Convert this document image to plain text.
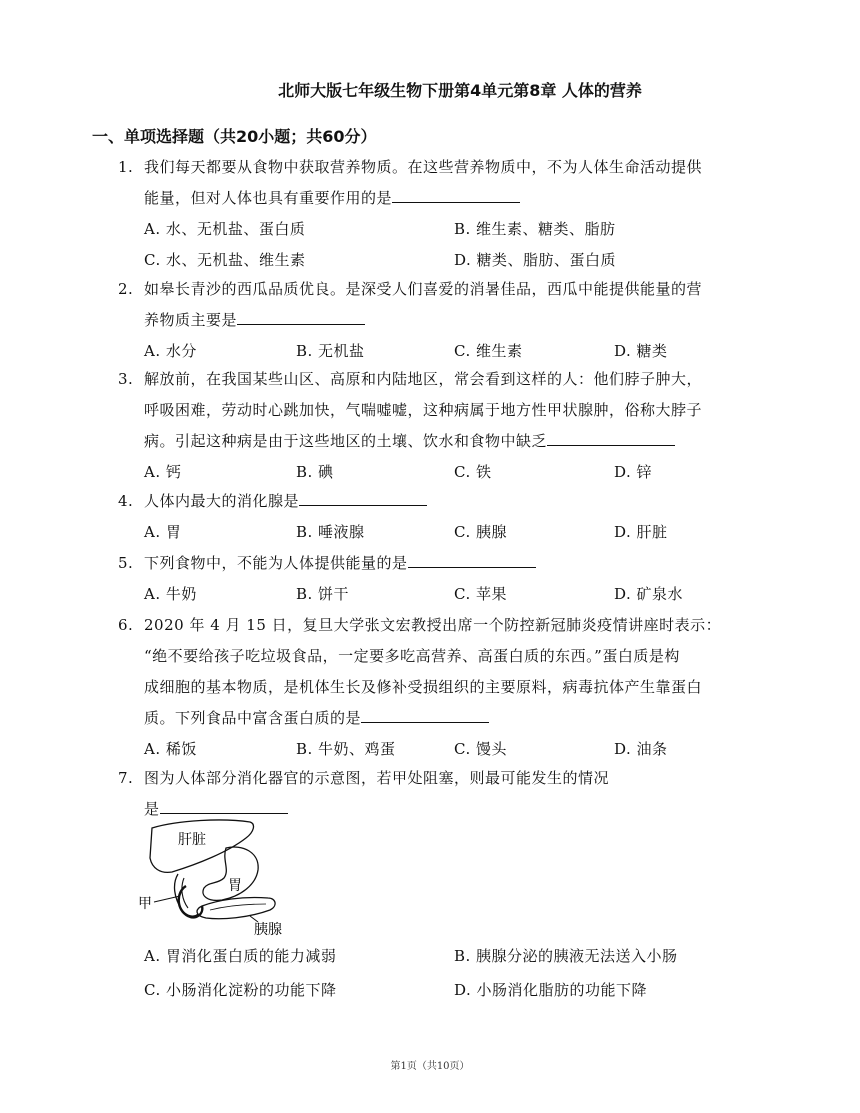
北师大版七年级生物下册第4单元第8章 人体的营养
一、单项选择题（共20小题；共60分）
1. 我们每天都要从食物中获取营养物质。在这些营养物质中，不为人体生命活动提供
能量，但对人体也具有重要作用的是
A. 水、无机盐、蛋白质	B. 维生素、糖类、脂肪
C. 水、无机盐、维生素	D. 糖类、脂肪、蛋白质
2. 如皋长青沙的西瓜品质优良。是深受人们喜爱的消暑佳品，西瓜中能提供能量的营
养物质主要是
A. 水分	B. 无机盐	C. 维生素	D. 糖类
3. 解放前，在我国某些山区、高原和内陆地区，常会看到这样的人：他们脖子肿大，
呼吸困难，劳动时心跳加快，气喘嘘嘘，这种病属于地方性甲状腺肿，俗称大脖子
病。引起这种病是由于这些地区的土壤、饮水和食物中缺乏
A. 钙	B. 碘	C. 铁	D. 锌
4. 人体内最大的消化腺是
A. 胃	B. 唾液腺	C. 胰腺	D. 肝脏
5. 下列食物中，不能为人体提供能量的是
A. 牛奶	B. 饼干	C. 苹果	D. 矿泉水
6. 2020 年 4 月 15 日，复旦大学张文宏教授出席一个防控新冠肺炎疫情讲座时表示：
“绝不要给孩子吃垃圾食品，一定要多吃高营养、高蛋白质的东西。”蛋白质是构
成细胞的基本物质，是机体生长及修补受损组织的主要原料，病毒抗体产生靠蛋白
质。下列食品中富含蛋白质的是
A. 稀饭	B. 牛奶、鸡蛋	C. 馒头	D. 油条
7. 图为人体部分消化器官的示意图，若甲处阻塞，则最可能发生的情况
是
肝脏
胃
甲
胰腺
A. 胃消化蛋白质的能力减弱	B. 胰腺分泌的胰液无法送入小肠
C. 小肠消化淀粉的功能下降	D. 小肠消化脂肪的功能下降
第1页（共10页）
